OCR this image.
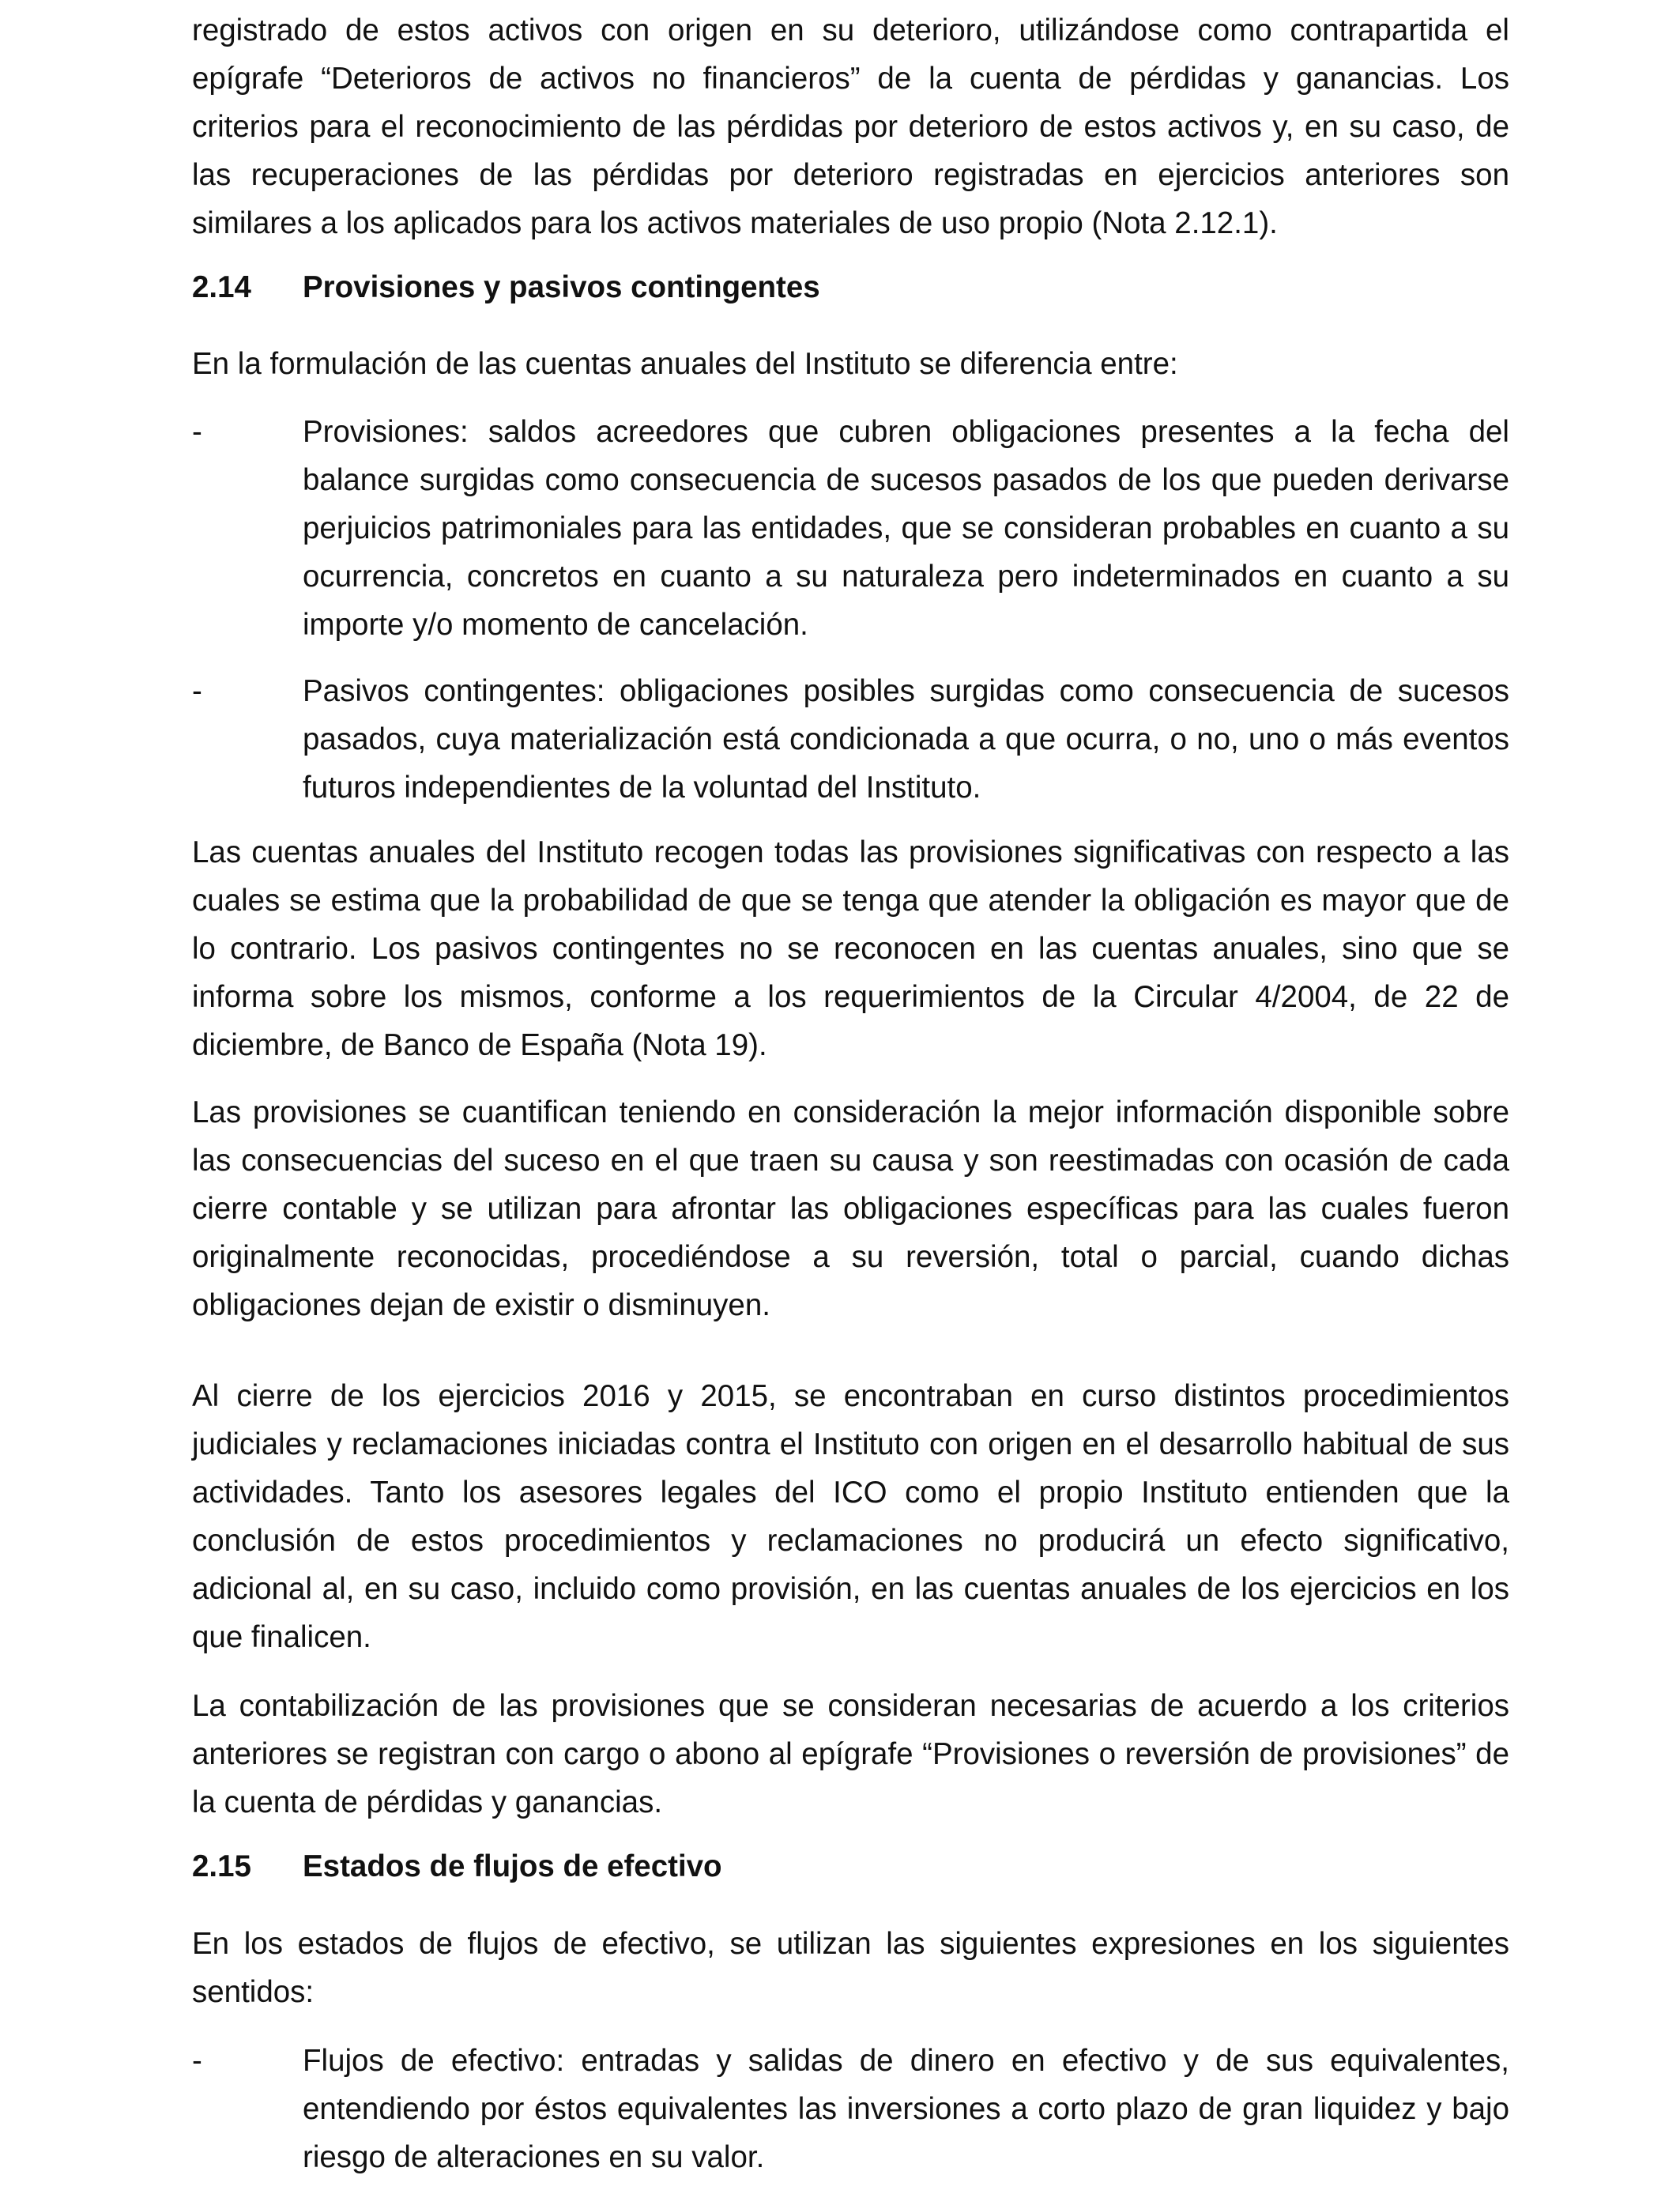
registrado de estos activos con origen en su deterioro, utilizándose como contrapartida el epígrafe “Deterioros de activos no financieros” de la cuenta de pérdidas y ganancias. Los criterios para el reconocimiento de las pérdidas por deterioro de estos activos y, en su caso, de las recuperaciones de las pérdidas por deterioro registradas en ejercicios anteriores son similares a los aplicados para los activos materiales de uso propio (Nota 2.12.1).

2.14	Provisiones y pasivos contingentes

En la formulación de las cuentas anuales del Instituto se diferencia entre:

-	Provisiones: saldos acreedores que cubren obligaciones presentes a la fecha del balance surgidas como consecuencia de sucesos pasados de los que pueden derivarse perjuicios patrimoniales para las entidades, que se consideran probables en cuanto a su ocurrencia, concretos en cuanto a su naturaleza pero indeterminados en cuanto a su importe y/o momento de cancelación.

-	Pasivos contingentes: obligaciones posibles surgidas como consecuencia de sucesos pasados, cuya materialización está condicionada a que ocurra, o no, uno o más eventos futuros independientes de la voluntad del Instituto.

Las cuentas anuales del Instituto recogen todas las provisiones significativas con respecto a las cuales se estima que la probabilidad de que se tenga que atender la obligación es mayor que de lo contrario. Los pasivos contingentes no se reconocen en las cuentas anuales, sino que se informa sobre los mismos, conforme a los requerimientos de la Circular 4/2004, de 22 de diciembre, de Banco de España (Nota 19).

Las provisiones se cuantifican teniendo en consideración la mejor información disponible sobre las consecuencias del suceso en el que traen su causa y son reestimadas con ocasión de cada cierre contable y se utilizan para afrontar las obligaciones específicas para las cuales fueron originalmente reconocidas, procediéndose a su reversión, total o parcial, cuando dichas obligaciones dejan de existir o disminuyen.

Al cierre de los ejercicios 2016 y 2015, se encontraban en curso distintos procedimientos judiciales y reclamaciones iniciadas contra el Instituto con origen en el desarrollo habitual de sus actividades. Tanto los asesores legales del ICO como el propio Instituto entienden que la conclusión de estos procedimientos y reclamaciones no producirá un efecto significativo, adicional al, en su caso, incluido como provisión, en las cuentas anuales de los ejercicios en los que finalicen.

La contabilización de las provisiones que se consideran necesarias de acuerdo a los criterios anteriores se registran con cargo o abono al epígrafe “Provisiones o reversión de provisiones” de la cuenta de pérdidas y ganancias.

2.15	Estados de flujos de efectivo

En los estados de flujos de efectivo, se utilizan las siguientes expresiones en los siguientes sentidos:

-	Flujos de efectivo: entradas y salidas de dinero en efectivo y de sus equivalentes, entendiendo por éstos equivalentes las inversiones a corto plazo de gran liquidez y bajo riesgo de alteraciones en su valor.
